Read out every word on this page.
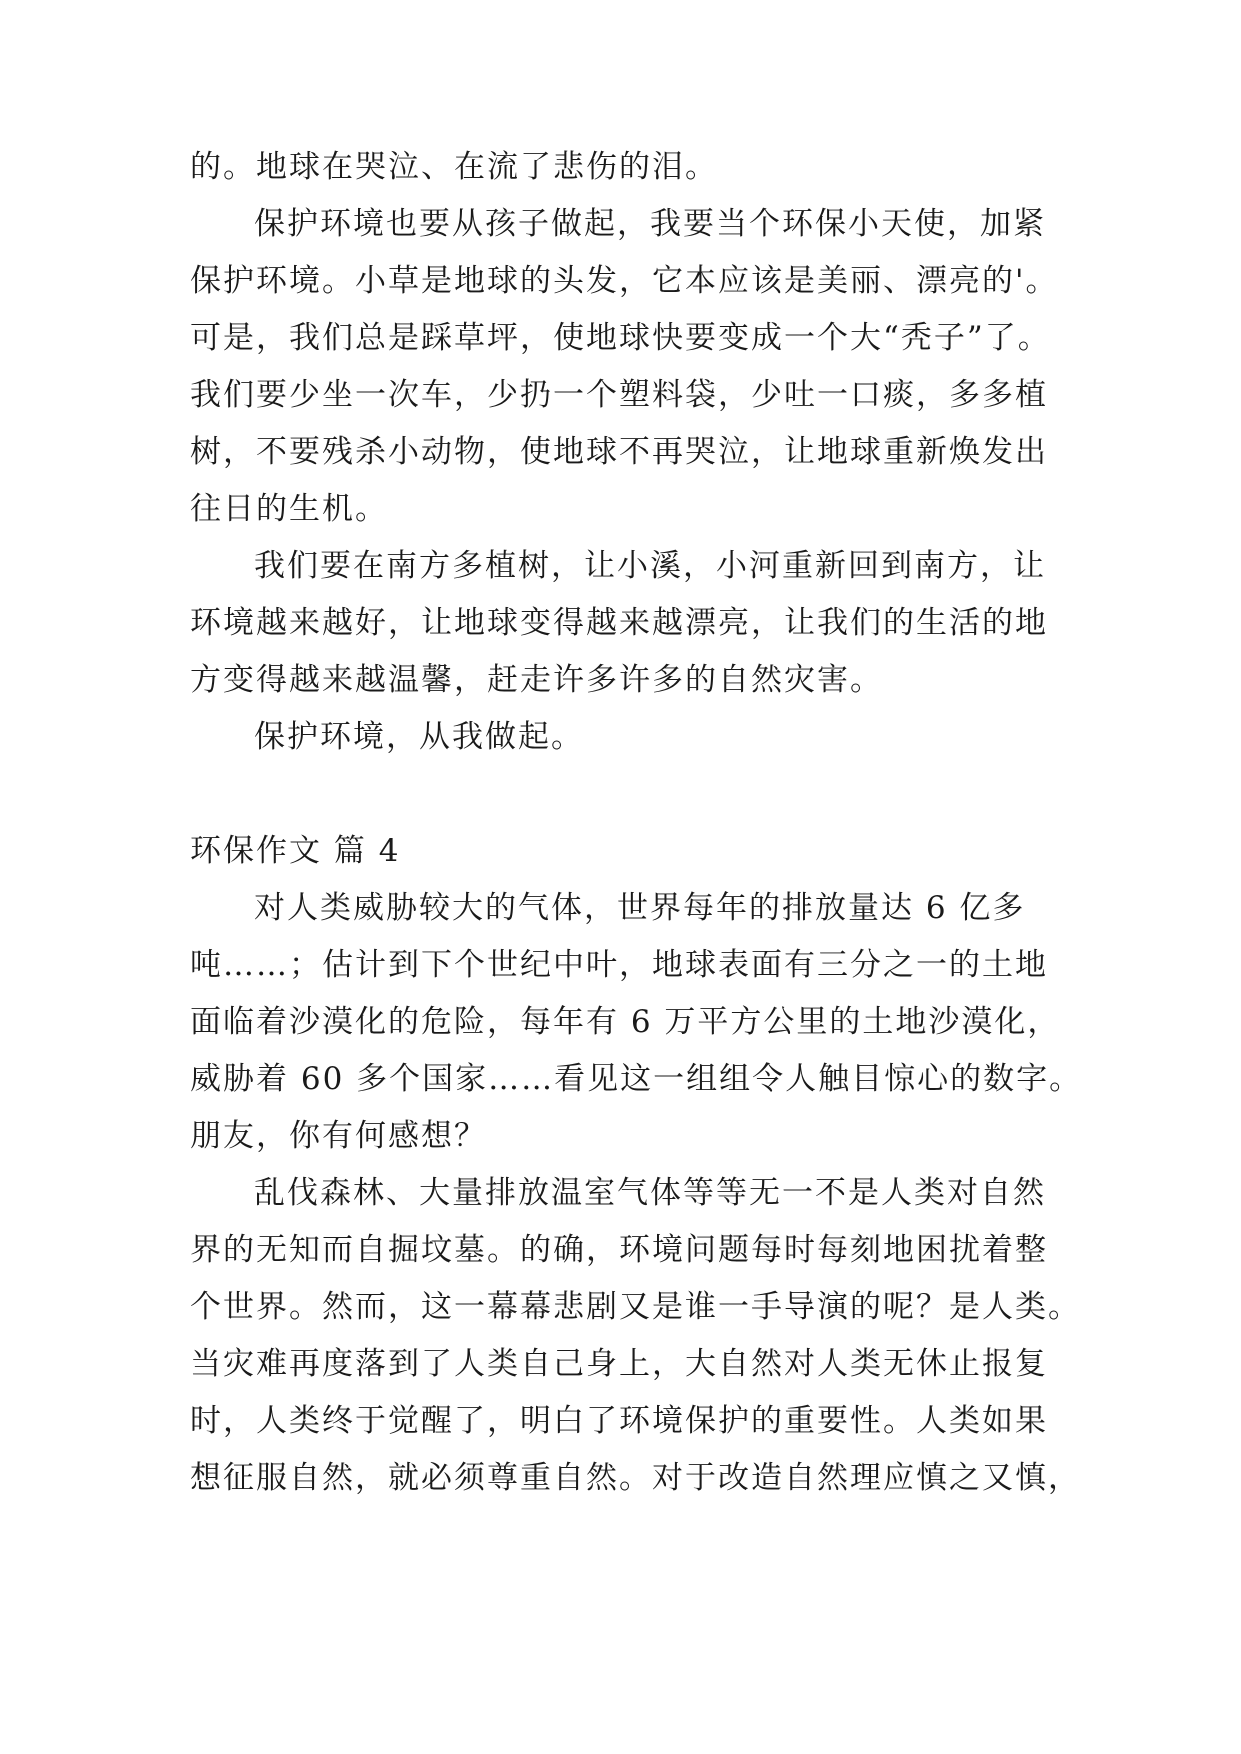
的。地球在哭泣、在流了悲伤的泪。
保护环境也要从孩子做起，我要当个环保小天使，加紧
保护环境。小草是地球的头发，它本应该是美丽、漂亮的'。
可是，我们总是踩草坪，使地球快要变成一个大“秃子”了。
我们要少坐一次车，少扔一个塑料袋，少吐一口痰，多多植
树，不要残杀小动物，使地球不再哭泣，让地球重新焕发出
往日的生机。
我们要在南方多植树，让小溪，小河重新回到南方，让
环境越来越好，让地球变得越来越漂亮，让我们的生活的地
方变得越来越温馨，赶走许多许多的自然灾害。
保护环境，从我做起。
环保作文 篇 4
对人类威胁较大的气体，世界每年的排放量达 6 亿多
吨……；估计到下个世纪中叶，地球表面有三分之一的土地
面临着沙漠化的危险，每年有 6 万平方公里的土地沙漠化，
威胁着 60 多个国家……看见这一组组令人触目惊心的数字。
朋友，你有何感想？
乱伐森林、大量排放温室气体等等无一不是人类对自然
界的无知而自掘坟墓。的确，环境问题每时每刻地困扰着整
个世界。然而，这一幕幕悲剧又是谁一手导演的呢？是人类。
当灾难再度落到了人类自己身上，大自然对人类无休止报复
时，人类终于觉醒了，明白了环境保护的重要性。人类如果
想征服自然，就必须尊重自然。对于改造自然理应慎之又慎，
